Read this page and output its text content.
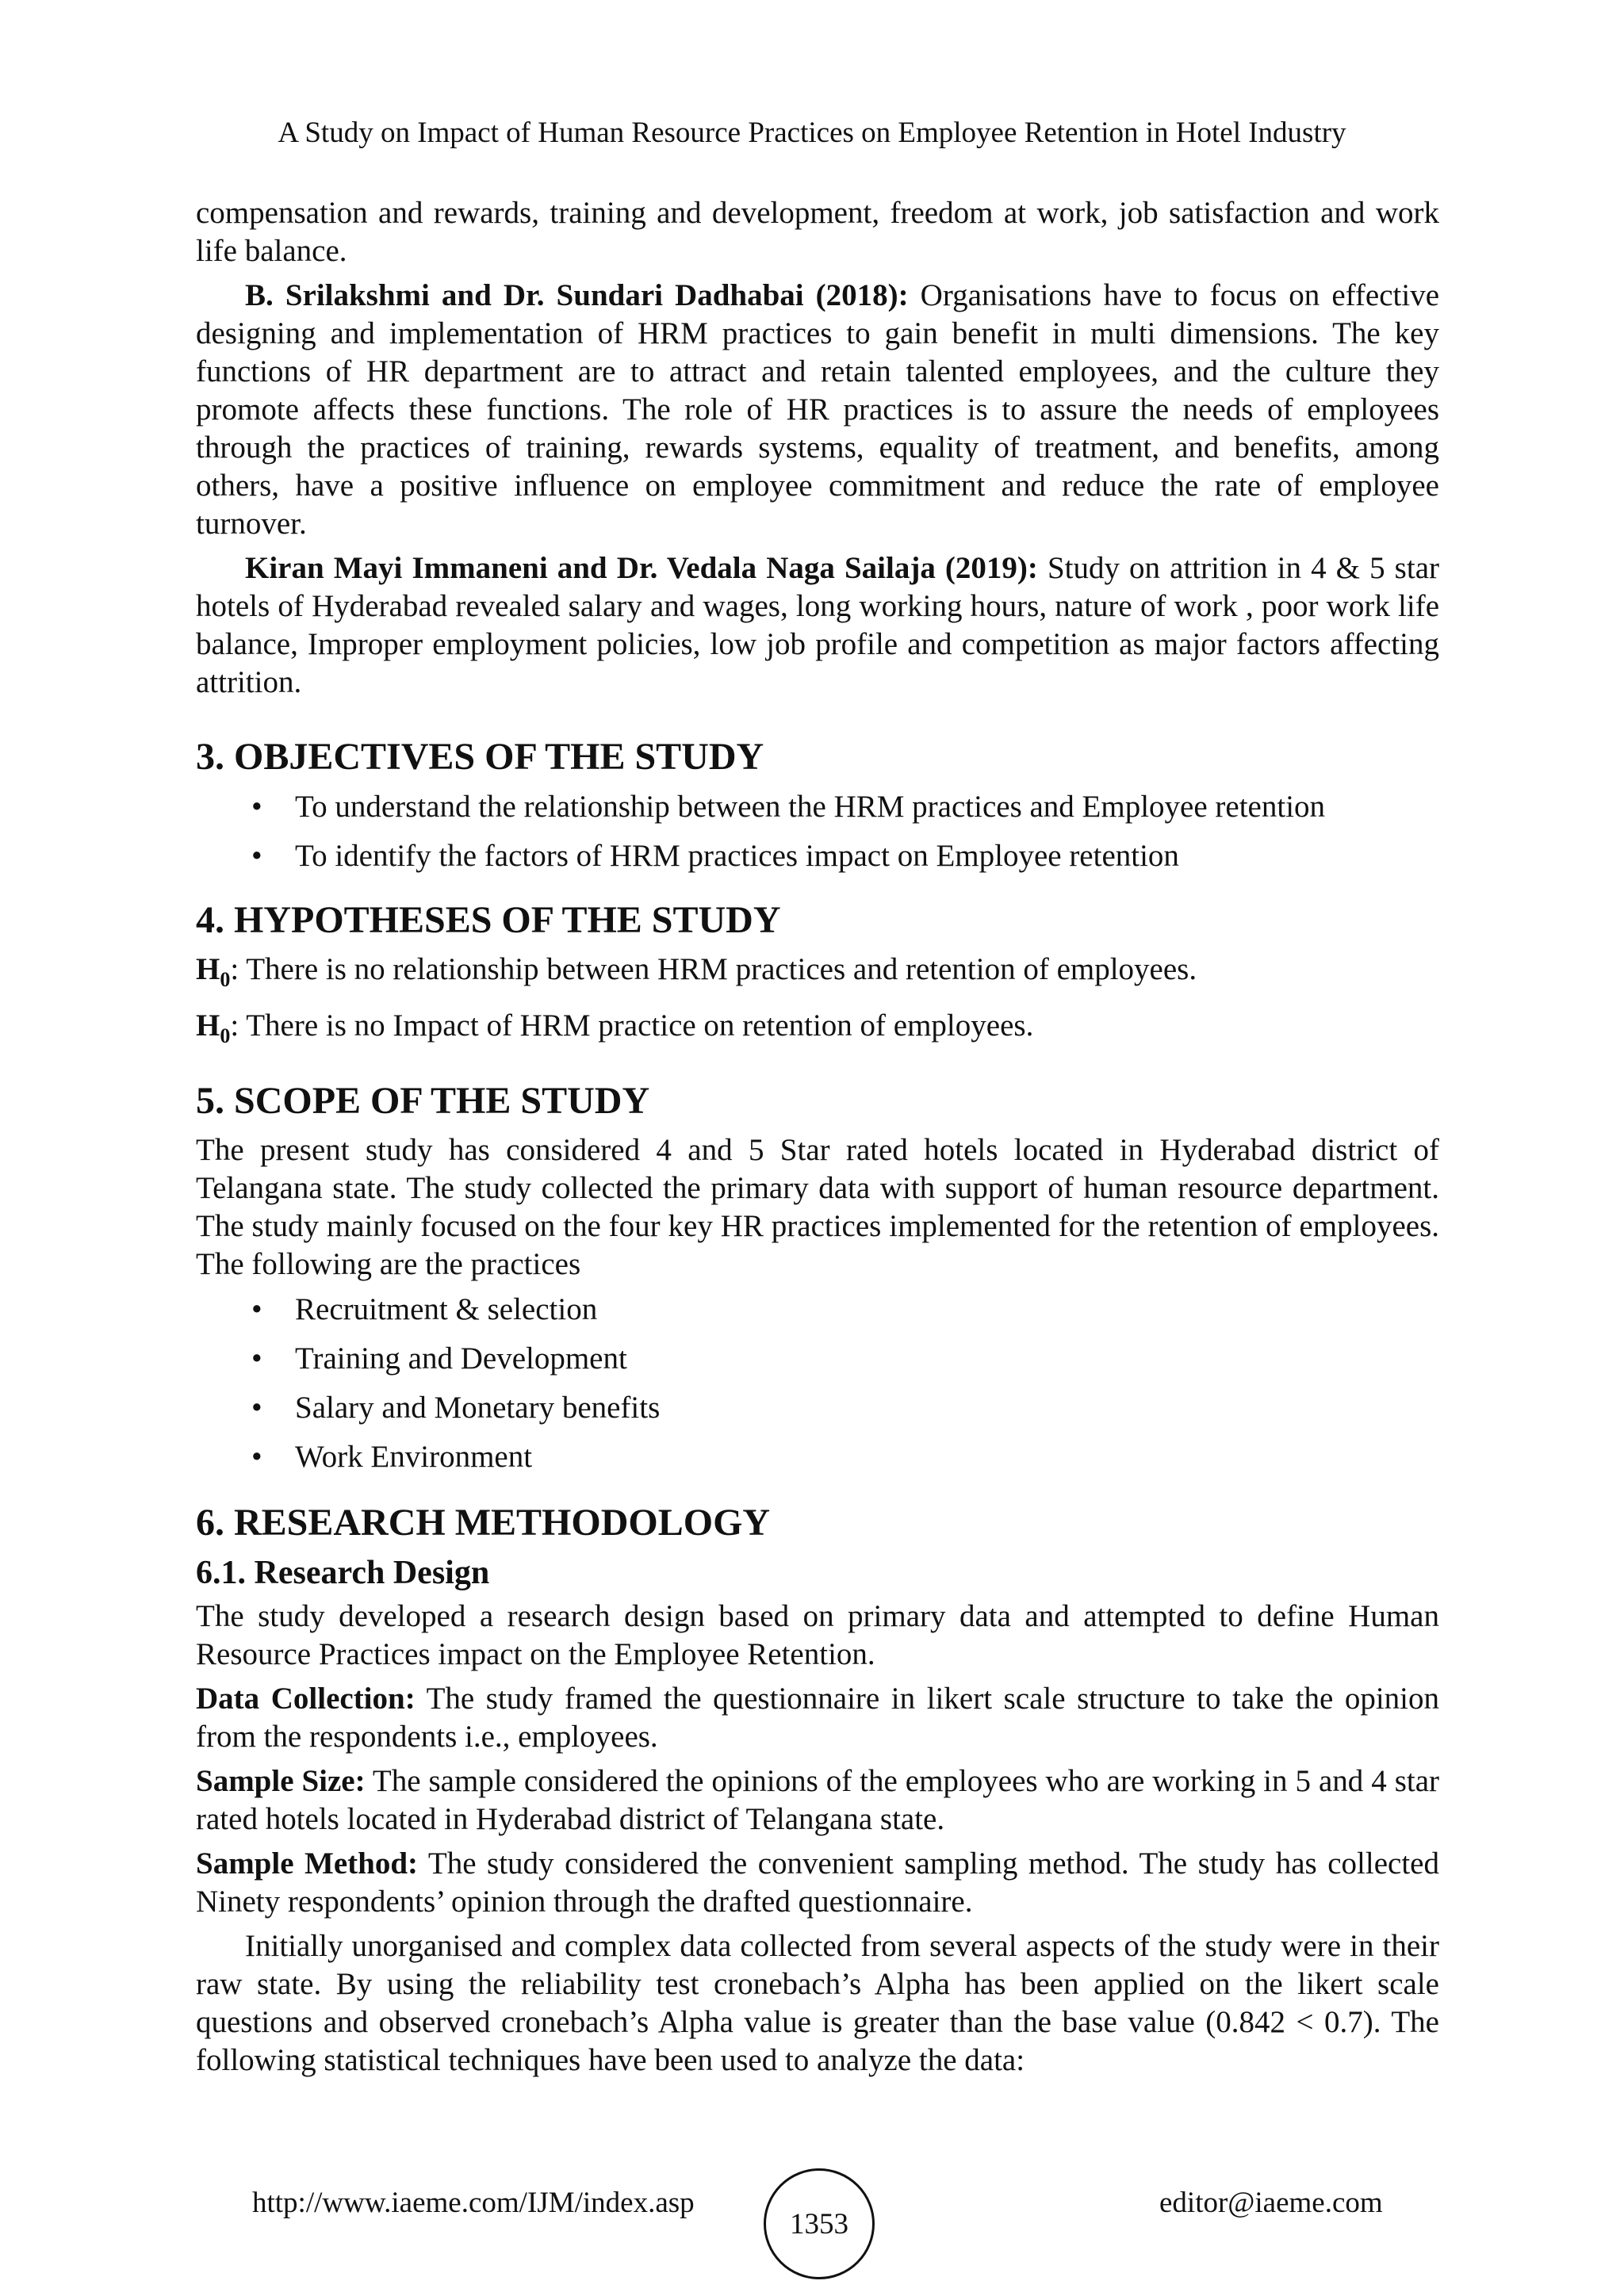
A Study on Impact of Human Resource Practices on Employee Retention in Hotel Industry

compensation and rewards, training and development, freedom at work, job satisfaction and work life balance.

B. Srilakshmi and Dr. Sundari Dadhabai (2018): Organisations have to focus on effective designing and implementation of HRM practices to gain benefit in multi dimensions. The key functions of HR department are to attract and retain talented employees, and the culture they promote affects these functions. The role of HR practices is to assure the needs of employees through the practices of training, rewards systems, equality of treatment, and benefits, among others, have a positive influence on employee commitment and reduce the rate of employee turnover.

Kiran Mayi Immaneni and Dr. Vedala Naga Sailaja (2019): Study on attrition in 4 & 5 star hotels of Hyderabad revealed salary and wages, long working hours, nature of work , poor work life balance, Improper employment policies, low job profile and competition as major factors affecting attrition.

3. OBJECTIVES OF THE STUDY
• To understand the relationship between the HRM practices and Employee retention
• To identify the factors of HRM practices impact on Employee retention
4. HYPOTHESES OF THE STUDY

$H_0$: There is no relationship between HRM practices and retention of employees.

$H_0$: There is no Impact of HRM practice on retention of employees.

5. SCOPE OF THE STUDY

The present study has considered 4 and 5 Star rated hotels located in Hyderabad district of Telangana state. The study collected the primary data with support of human resource department. The study mainly focused on the four key HR practices implemented for the retention of employees. The following are the practices

• Recruitment & selection
• Training and Development
• Salary and Monetary benefits
• Work Environment
6. RESEARCH METHODOLOGY
6.1. Research Design

The study developed a research design based on primary data and attempted to define Human Resource Practices impact on the Employee Retention.

Data Collection: The study framed the questionnaire in likert scale structure to take the opinion from the respondents i.e., employees.

Sample Size: The sample considered the opinions of the employees who are working in 5 and 4 star rated hotels located in Hyderabad district of Telangana state.

Sample Method: The study considered the convenient sampling method. The study has collected Ninety respondents’ opinion through the drafted questionnaire.

Initially unorganised and complex data collected from several aspects of the study were in their raw state. By using the reliability test cronebach’s Alpha has been applied on the likert scale questions and observed cronebach’s Alpha value is greater than the base value (0.842 < 0.7). The following statistical techniques have been used to analyze the data:

http://www.iaeme.com/IJM/index.asp
1353
editor@iaeme.com
